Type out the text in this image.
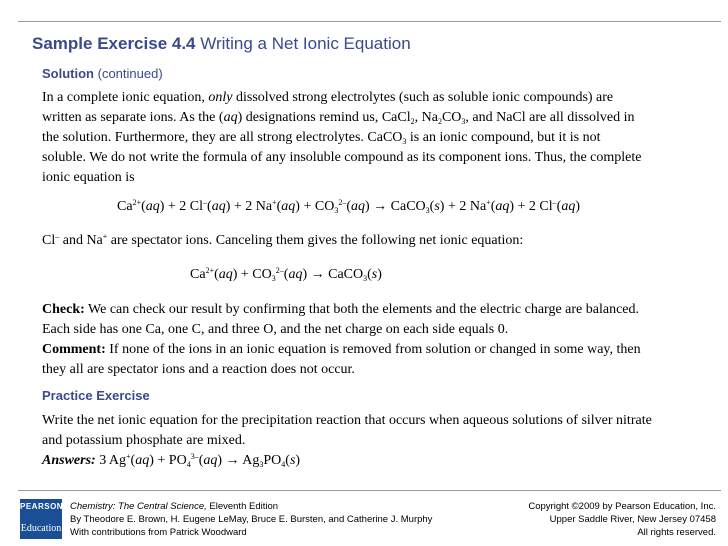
Sample Exercise 4.4 Writing a Net Ionic Equation
Solution (continued)
In a complete ionic equation, only dissolved strong electrolytes (such as soluble ionic compounds) are
written as separate ions. As the (aq) designations remind us, CaCl$_2$, $Na_2CO_3$, and NaCl are all dissolved in
the solution. Furthermore, they are all strong electrolytes. CaCO$_3$ is an ionic compound, but it is not
soluble. We do not write the formula of any insoluble compound as its component ions. Thus, the complete
ionic equation is
$Ca^{2+}(aq) + 2$ Cl–(aq) + 2 $Na^+(aq) + CO_3^{2-}(aq)$ → CaCO$_3$(s) + 2 Na+(aq) + 2 Cl–(aq)
Cl– and Na+ are spectator ions. Canceling them gives the following net ionic equation:
$Ca^{2+}(aq) + CO_3^{2-}(aq)$ → CaCO$_3$(s)
Check: We can check our result by confirming that both the elements and the electric charge are balanced.
Each side has one Ca, one C, and three O, and the net charge on each side equals 0.
Comment: If none of the ions in an ionic equation is removed from solution or changed in some way, then
they all are spectator ions and a reaction does not occur.
Practice Exercise
Write the net ionic equation for the precipitation reaction that occurs when aqueous solutions of silver nitrate
and potassium phosphate are mixed.
Answers: 3 $Ag^+(aq) + PO_4^{3-}(aq) \to Ag_3PO_4(s)$
PEARSON
Education
Chemistry: The Central Science, Eleventh Edition
By Theodore E. Brown, H. Eugene LeMay, Bruce E. Bursten, and Catherine J. Murphy
With contributions from Patrick Woodward
Copyright ©2009 by Pearson Education, Inc.
Upper Saddle River, New Jersey 07458
All rights reserved.
